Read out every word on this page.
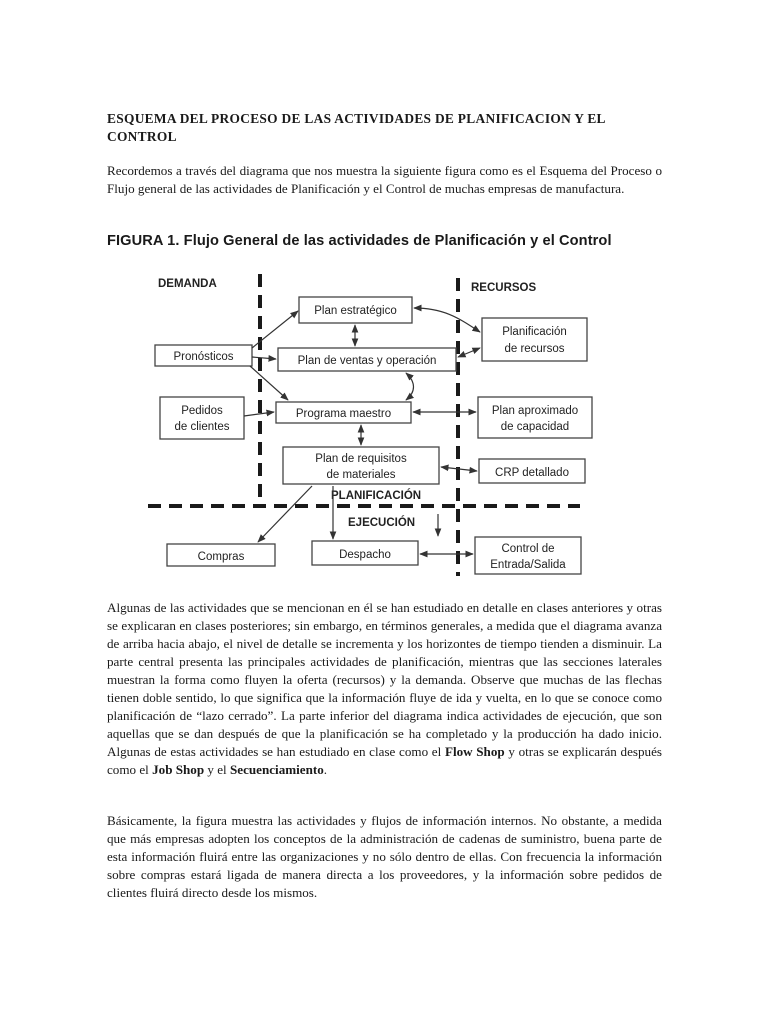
ESQUEMA DEL PROCESO DE LAS ACTIVIDADES DE PLANIFICACION Y EL CONTROL

Recordemos a través del diagrama que nos muestra la siguiente figura como es el Esquema del Proceso o Flujo general de las actividades de Planificación y el Control de muchas empresas de manufactura.

FIGURA 1. Flujo General de las actividades de Planificación y el Control

DEMANDA	RECURSOS
PLANIFICACIÓN
EJECUCIÓN
Plan estratégico
Planificación
de recursos
Pronósticos	Plan de ventas y operación
Pedidos
de clientes
Programa maestro	Plan aproximado
de capacidad
Plan de requisitos
de materiales	CRP detallado
Compras	Despacho	Control de
Entrada/Salida

Algunas de las actividades que se mencionan en él se han estudiado en detalle en clases anteriores y otras se explicaran en clases posteriores; sin embargo, en términos generales, a medida que el diagrama avanza de arriba hacia abajo, el nivel de detalle se incrementa y los horizontes de tiempo tienden a disminuir. La parte central presenta las principales actividades de planificación, mientras que las secciones laterales muestran la forma como fluyen la oferta (recursos) y la demanda. Observe que muchas de las flechas tienen doble sentido, lo que significa que la información fluye de ida y vuelta, en lo que se conoce como planificación de “lazo cerrado”. La parte inferior del diagrama indica actividades de ejecución, que son aquellas que se dan después de que la planificación se ha completado y la producción ha dado inicio. Algunas de estas actividades se han estudiado en clase como el Flow Shop y otras se explicarán después como el Job Shop y el Secuenciamiento.

Básicamente, la figura muestra las actividades y flujos de información internos. No obstante, a medida que más empresas adopten los conceptos de la administración de cadenas de suministro, buena parte de esta información fluirá entre las organizaciones y no sólo dentro de ellas. Con frecuencia la información sobre compras estará ligada de manera directa a los proveedores, y la información sobre pedidos de clientes fluirá directo desde los mismos.
